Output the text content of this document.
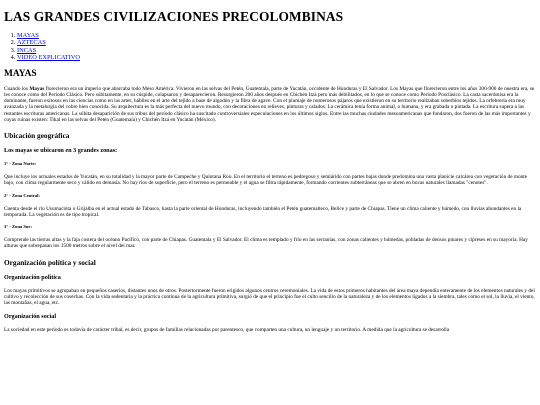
LAS GRANDES CIVILIZACIONES PRECOLOMBINAS
1. MAYAS
2. AZTECAS
3. INCAS
4. VIDEO EXPLICATIVO
MAYAS

Cuando los Mayas florecieron era un imperio que abarcaba todo Meso América. Vivieron en las selvas del Petén, Guatemala, parte de Yucatán, occidente de Honduras y El Salvador. Los Mayas que florecieron entre los años 300-900 de nuestra era, se les conoce como del Período Clásico. Pero súbitamente, en su cúspide, colapsaron y desaparecieron. Resurgieron 200 años después en Chichén Itzá pero más debilitados, en lo que se conoce como Período Posclásico. La casta sacerdotisa era la dominante, fueron exitosos en las ciencias como en las artes, hábiles en el arte del tejido a base de algodón y la fibra de agave. Con el plumaje de numerosos pájaros que existieron en su territorio realizaban soberbios tejidos. La orfebrería era muy avanzada y la metalurgia del cobre bien conocida. Su arquitectura es la más perfecta del nuevo mundo, con decoraciones en relieves, pinturas y calados. La cerámica tenía forma animal, o humana, y era grabada o pintada. La escritura supera a las restantes escrituras americanas. La súbita desaparición de sus tribus del período clásico ha suscitado controversiales especulaciones en los últimos siglos. Entre las muchas ciudades mesoamericanas que fundaron, dos fueron de las más importantes y cuyas ruinas existen: Tikal en las selvas del Petén (Guatemala) y Chichén Itzá en Yucatán (México).

Ubicación geográfica
Los mayas se ubicaron en 3 grandes zonas:
1° - Zona Norte:

Que incluye los actuales estados de Yucatán, en su totalidad y la mayor parte de Campeche y Quintana Roo. En el territorio el terreno es pedregoso y semiárido con partes bajas donde predomina una vasta planicie calcárea con vegetación de monte bajo, con clima regularmente seco y cálido en demasía. No hay ríos de superficie, pero el terreno es permeable y el agua se filtra rápidamente, formando corrientes subterráneas que se abren en bocas naturales llamadas "cenotes".

2° - Zona Central:

Cuenta desde el río Usumacinta o Grijalba en el actual estado de Tabasco, hasta la parte oriental de Honduras, incluyendo también el Petén guatemalteco, Belice y parte de Chiapas. Tiene un clima caliente y húmedo, con lluvias abundantes en la temporada. La vegetación es de tipo tropical.

3° - Zona Sur:

Comprende las tierras altas y la faja costera del océano Pacífico, con parte de Chiapas. Guatemala y El Salvador. El clima es templado y frío en las serranías, con zonas calientes y húmedas, pobladas de densos pinares y cipreses en su mayoría. Hay alturas que sobrepasan los 1500 metros sobre el nivel del mar.

Organización política y social
Organización política

Los mayas primitivos se agrupaban en pequeños caseríos, distantes unos de otros. Postertormente fueron erigidos algunos centros ceremoniales. La vida de estos primeros habitantes del área maya dependía enteramente de los elementos naturales y del cultivo y recolección de sus cosechas. Con la vida sedentaria y la práctica continua de la agricultura primitiva, surgió de que el principio fue el culto sencillo de la naturaleza y de los elementos ligados a la siembra, tales como el sol, la lluvia, el viento, las montañas, el agua, etc.

Organización social

La sociedad en este período es todavía de carácter tribal, es decir, grupos de familias relacionadas por parentesco, que comparten una cultura, un lenguaje y un territorio. A medida que la agricultura se desarrolla
